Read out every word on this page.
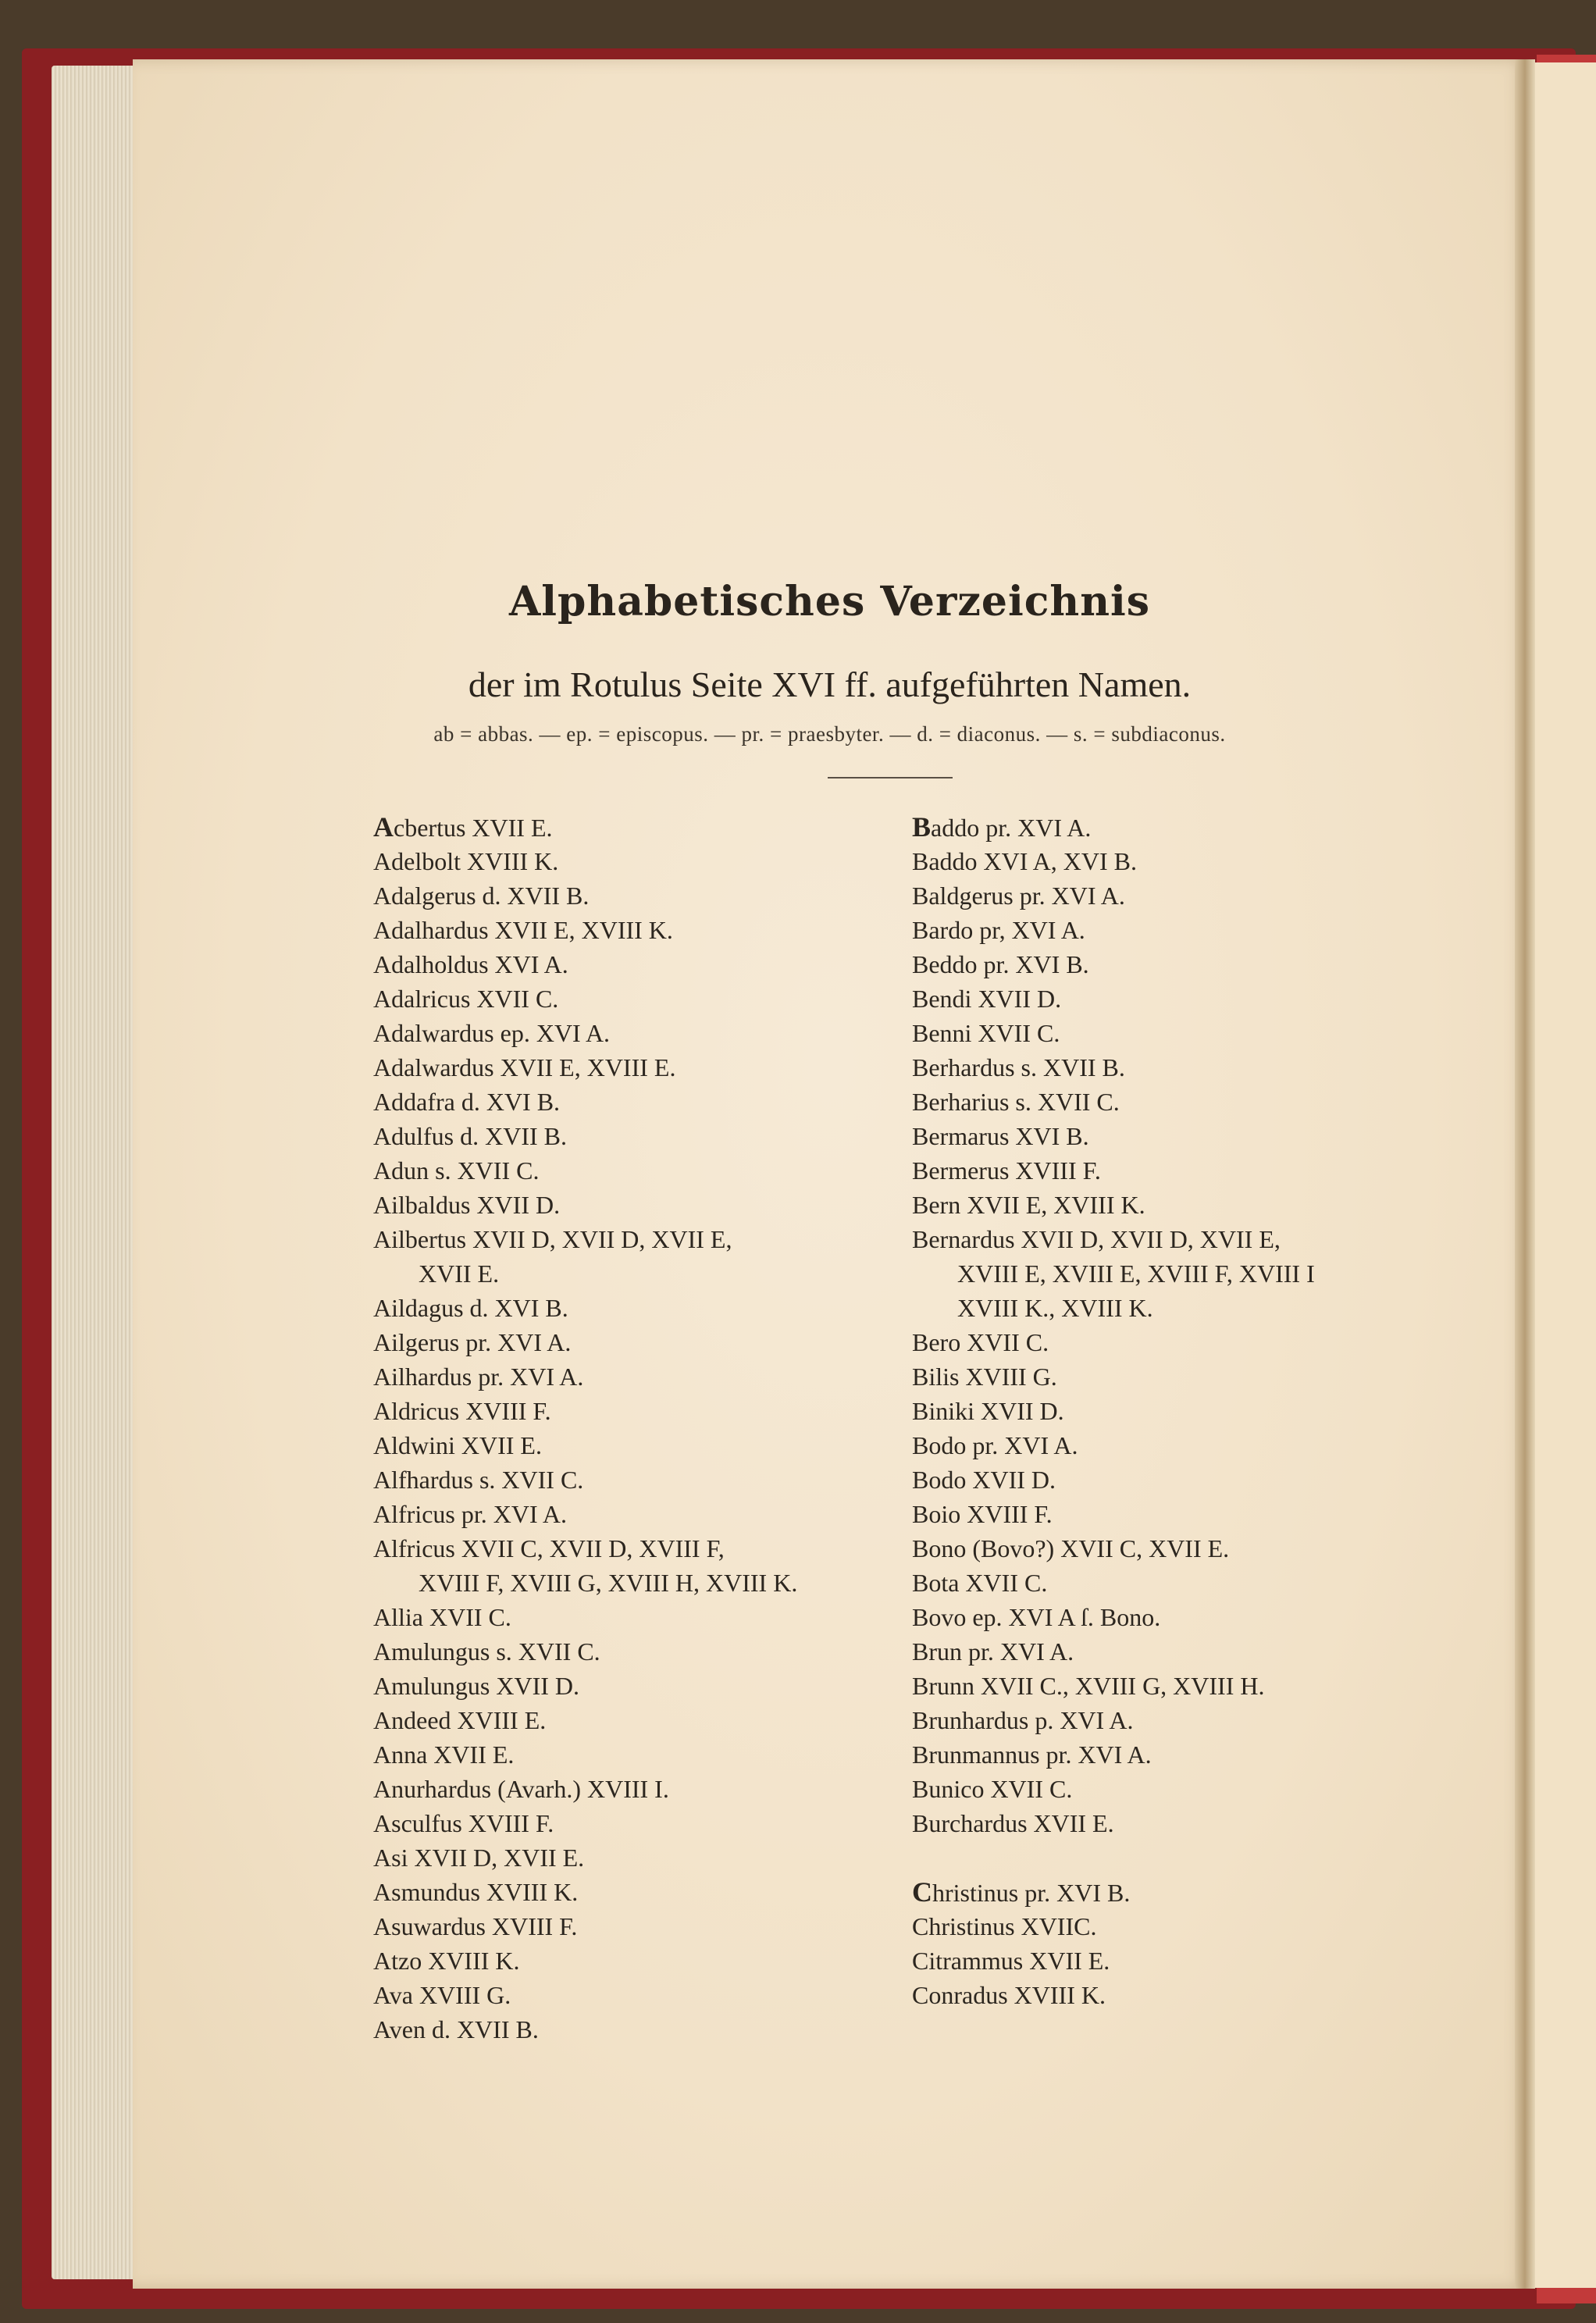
Alphabetisches Verzeichnis
der im Rotulus Seite XVI ff. aufgeführten Namen.
ab = abbas. — ep. = episcopus. — pr. = praesbyter. — d. = diaconus. — s. = subdiaconus.
Acbertus XVII E.
Adelbolt XVIII K.
Adalgerus d. XVII B.
Adalhardus XVII E, XVIII K.
Adalholdus XVI A.
Adalricus XVII C.
Adalwardus ep. XVI A.
Adalwardus XVII E, XVIII E.
Addafra d. XVI B.
Adulfus d. XVII B.
Adun s. XVII C.
Ailbaldus XVII D.
Ailbertus XVII D, XVII D, XVII E,
XVII E.
Aildagus d. XVI B.
Ailgerus pr. XVI A.
Ailhardus pr. XVI A.
Aldricus XVIII F.
Aldwini XVII E.
Alfhardus s. XVII C.
Alfricus pr. XVI A.
Alfricus XVII C, XVII D, XVIII F,
XVIII F, XVIII G, XVIII H, XVIII K.
Allia XVII C.
Amulungus s. XVII C.
Amulungus XVII D.
Andeed XVIII E.
Anna XVII E.
Anurhardus (Avarh.) XVIII I.
Asculfus XVIII F.
Asi XVII D, XVII E.
Asmundus XVIII K.
Asuwardus XVIII F.
Atzo XVIII K.
Ava XVIII G.
Aven d. XVII B.
Baddo pr. XVI A.
Baddo XVI A, XVI B.
Baldgerus pr. XVI A.
Bardo pr, XVI A.
Beddo pr. XVI B.
Bendi XVII D.
Benni XVII C.
Berhardus s. XVII B.
Berharius s. XVII C.
Bermarus XVI B.
Bermerus XVIII F.
Bern XVII E, XVIII K.
Bernardus XVII D, XVII D, XVII E,
XVIII E, XVIII E, XVIII F, XVIII I
XVIII K., XVIII K.
Bero XVII C.
Bilis XVIII G.
Biniki XVII D.
Bodo pr. XVI A.
Bodo XVII D.
Boio XVIII F.
Bono (Bovo?) XVII C, XVII E.
Bota XVII C.
Bovo ep. XVI A ſ. Bono.
Brun pr. XVI A.
Brunn XVII C., XVIII G, XVIII H.
Brunhardus p. XVI A.
Brunmannus pr. XVI A.
Bunico XVII C.
Burchardus XVII E.
Christinus pr. XVI B.
Christinus XVIIC.
Citrammus XVII E.
Conradus XVIII K.
